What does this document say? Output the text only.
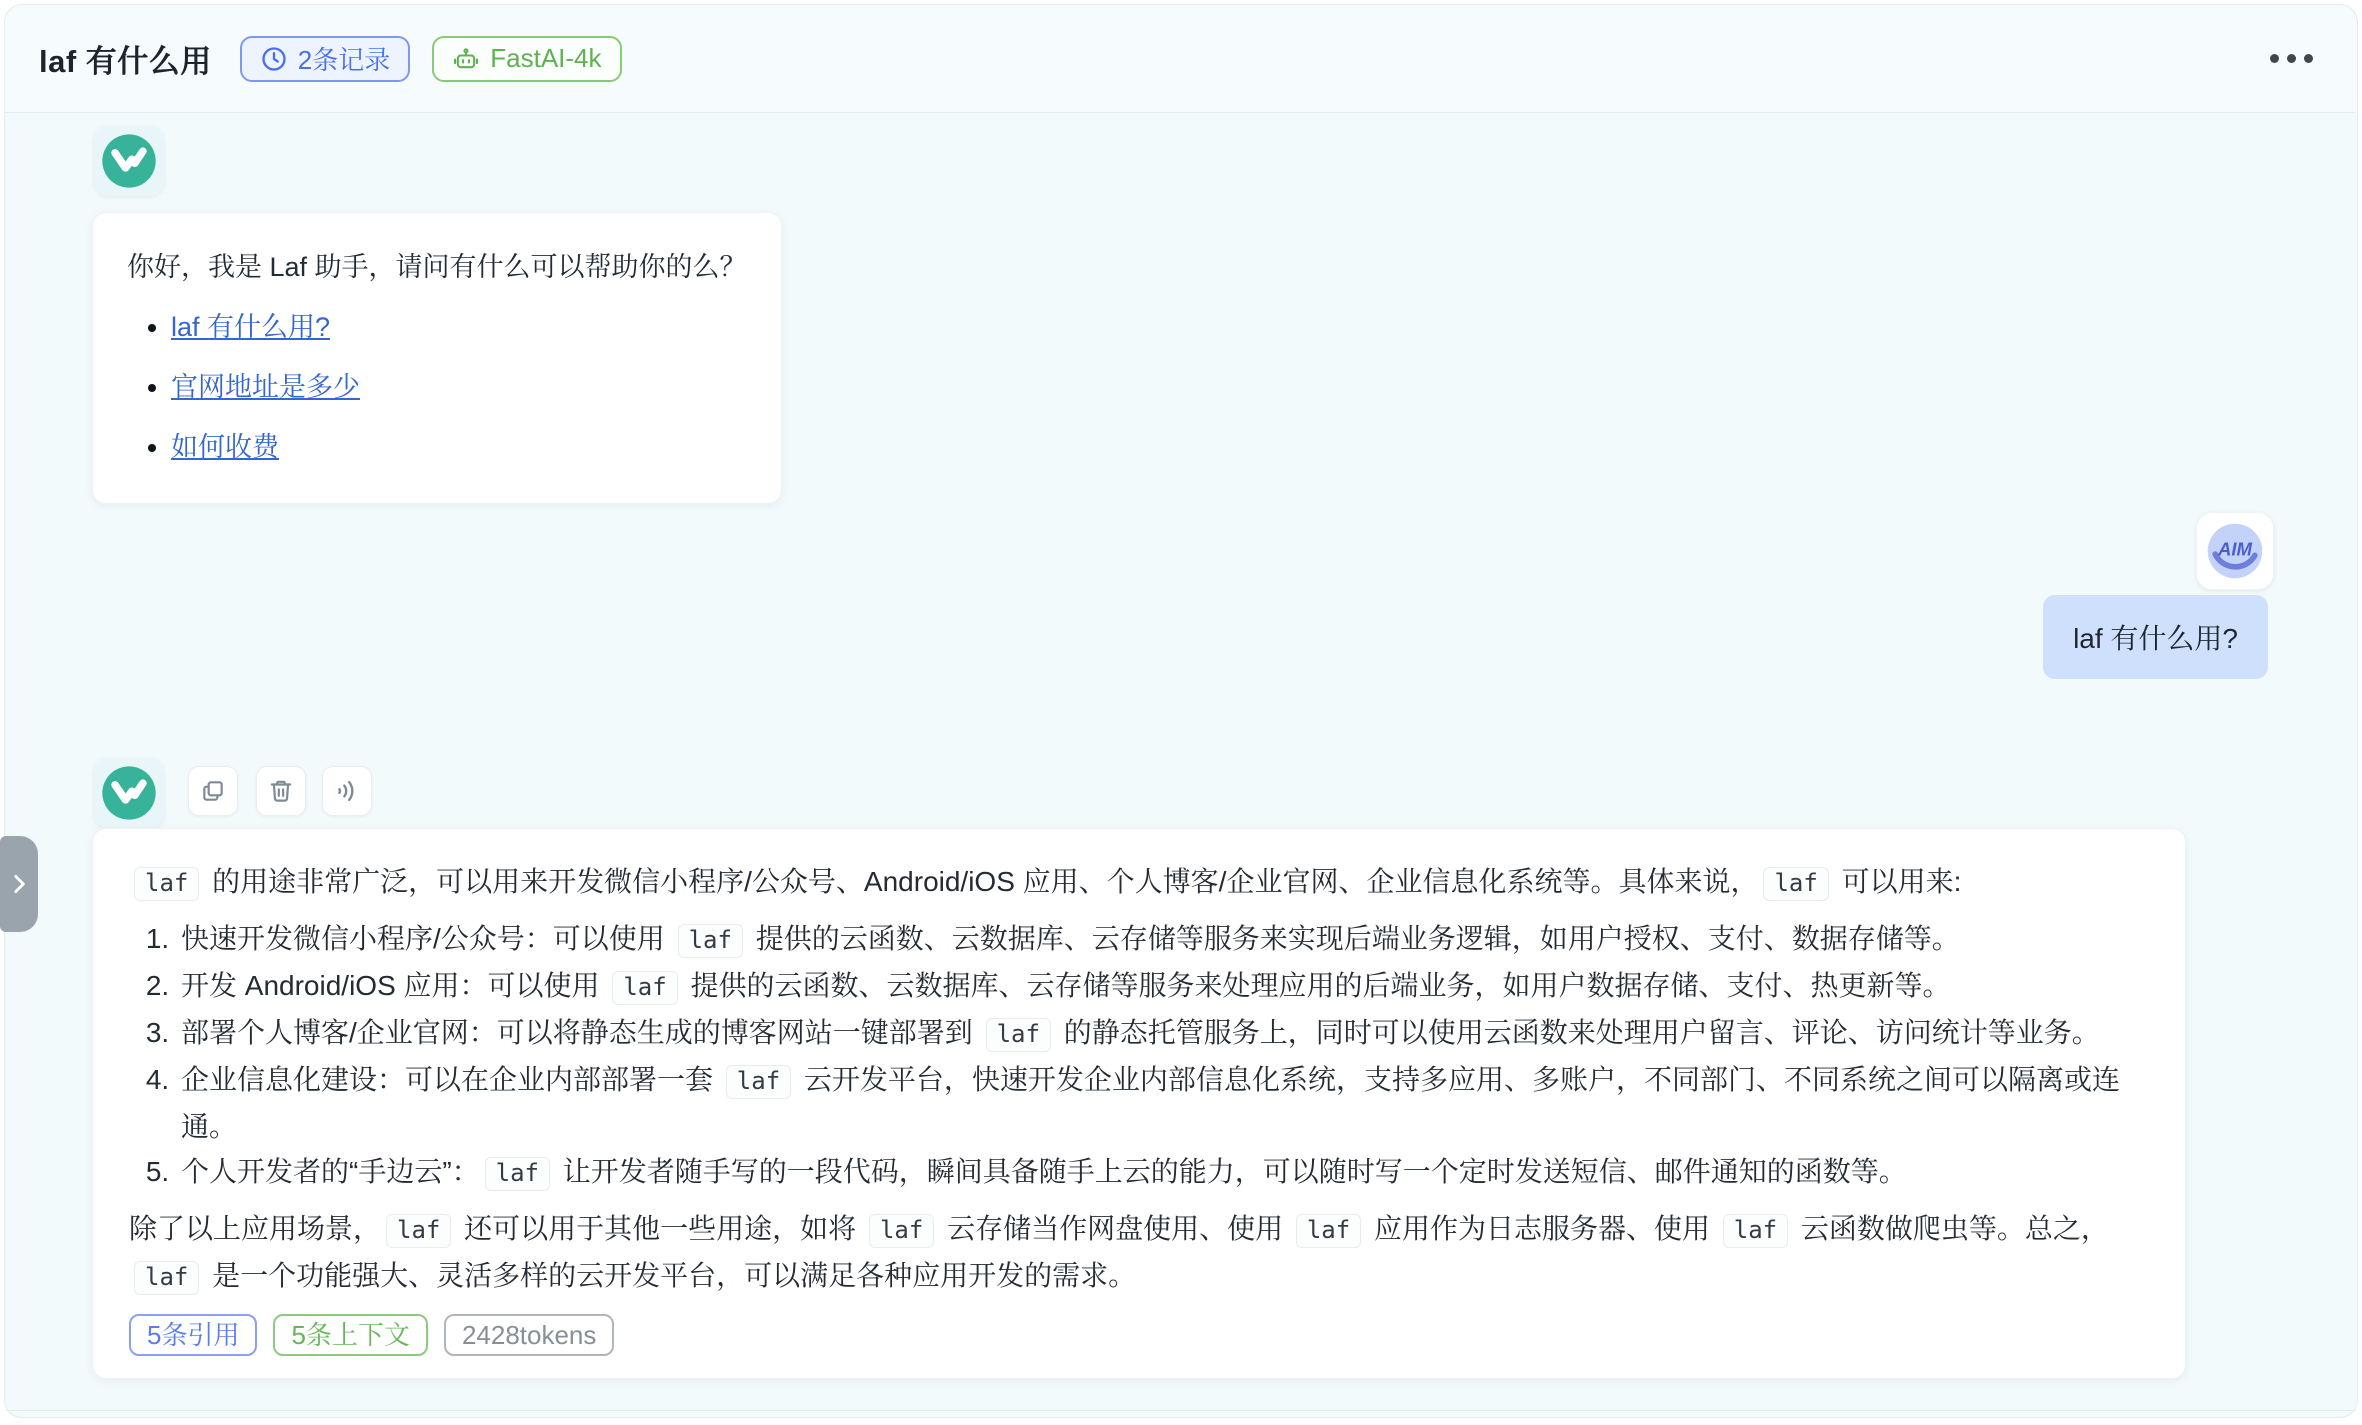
laf 有什么用	2条记录	FastAI-4k

你好，我是 Laf 助手，请问有什么可以帮助你的么？

• laf 有什么用?
• 官网地址是多少
• 如何收费
AIM
laf 有什么用?

laf 的用途非常广泛，可以用来开发微信小程序/公众号、Android/iOS 应用、个人博客/企业官网、企业信息化系统等。具体来说， laf 可以用来:

1. 快速开发微信小程序/公众号：可以使用 laf 提供的云函数、云数据库、云存储等服务来实现后端业务逻辑，如用户授权、支付、数据存储等。
2. 开发 Android/iOS 应用：可以使用 laf 提供的云函数、云数据库、云存储等服务来处理应用的后端业务，如用户数据存储、支付、热更新等。
3. 部署个人博客/企业官网：可以将静态生成的博客网站一键部署到 laf 的静态托管服务上，同时可以使用云函数来处理用户留言、评论、访问统计等业务。
4. 企业信息化建设：可以在企业内部部署一套 laf 云开发平台，快速开发企业内部信息化系统，支持多应用、多账户，不同部门、不同系统之间可以隔离或连通。
5. 个人开发者的“手边云”： laf 让开发者随手写的一段代码，瞬间具备随手上云的能力，可以随时写一个定时发送短信、邮件通知的函数等。

除了以上应用场景， laf 还可以用于其他一些用途，如将 laf 云存储当作网盘使用、使用 laf 应用作为日志服务器、使用 laf 云函数做爬虫等。总之，laf 是一个功能强大、灵活多样的云开发平台，可以满足各种应用开发的需求。

5条引用	5条上下文	2428tokens
